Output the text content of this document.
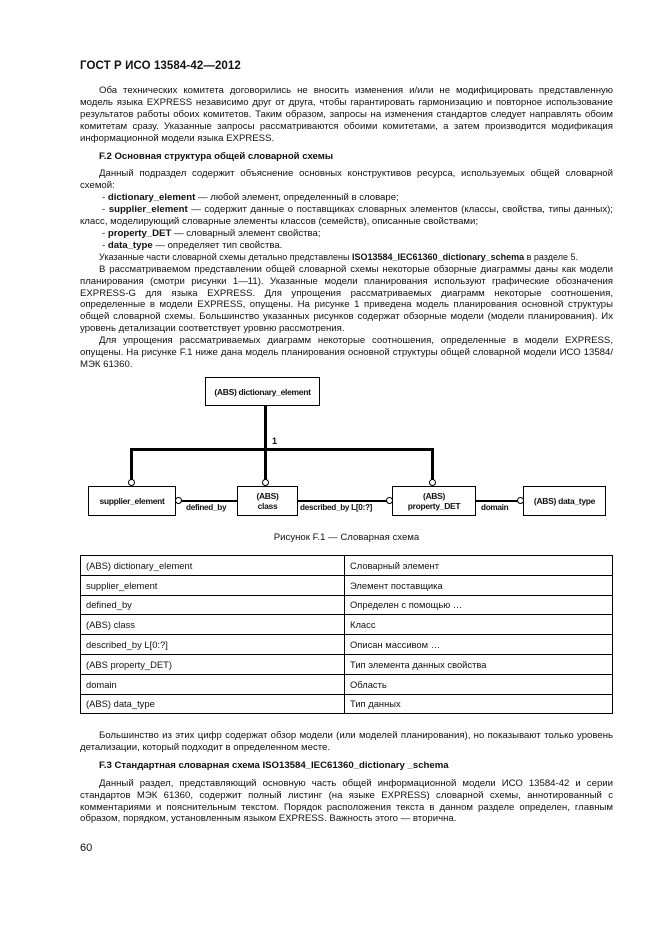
ГОСТ Р ИСО 13584-42—2012

Оба технических комитета договорились не вносить изменения и/или не модифицировать представленную модель языка EXPRESS независимо друг от друга, чтобы гарантировать гармонизацию и повторное использование результатов работы обоих комитетов. Таким образом, запросы на изменения стандартов следует направлять обоим комитетам сразу. Указанные запросы рассматриваются обоими комитетами, а затем производится модификация информационной модели языка EXPRESS.

F.2 Основная структура общей словарной схемы

Данный подраздел содержит объяснение основных конструктивов ресурса, используемых общей словарной схемой:

- dictionary_element — любой элемент, определенный в словаре;

- supplier_element — содержит данные о поставщиках словарных элементов (классы, свойства, типы данных); класс, моделирующий словарные элементы классов (семейств), описанные свойствами;

- property_DET — словарный элемент свойства;

- data_type — определяет тип свойства.

Указанные части словарной схемы детально представлены ISO13584_IEC61360_dictionary_schema в разделе 5.

В рассматриваемом представлении общей словарной схемы некоторые обзорные диаграммы даны как модели планирования (смотри рисунки 1—11). Указанные модели планирования используют графические обозначения EXPRESS-G для языка EXPRESS. Для упрощения рассматриваемых диаграмм некоторые соотношения, определенные в модели EXPRESS, опущены. На рисунке 1 приведена модель планирования основной структуры общей словарной схемы. Большинство указанных рисунков содержат обзорные модели (модели планирования). Их уровень детализации соответствует уровню рассмотрения.

Для упрощения рассматриваемых диаграмм некоторые соотношения, определенные в модели EXPRESS, опущены. На рисунке F.1 ниже дана модель планирования основной структуры общей словарной модели ИСО 13584/МЭК 61360.

(ABS) dictionary_element
1
supplier_element	(ABS)
class
(ABS)
property_DET	(ABS) data_type
defined_by	described_by L[0:?]	domain
Рисунок F.1 — Словарная схема
(ABS) dictionary_element	Словарный элемент
supplier_element	Элемент поставщика
defined_by	Определен с помощью …
(ABS) class	Класс
described_by L[0:?]	Описан массивом …
(ABS property_DET)	Тип элемента данных свойства
domain	Область
(ABS) data_type	Тип данных

Большинство из этих цифр содержат обзор модели (или моделей планирования), но показывают только уровень детализации, который подходит в определенном месте.

F.3 Стандартная словарная схема ISO13584_IEC61360_dictionary _schema

Данный раздел, представляющий основную часть общей информационной модели ИСО 13584-42 и серии стандартов МЭК 61360, содержит полный листинг (на языке EXPRESS) словарной схемы, аннотированный с комментариями и пояснительным текстом. Порядок расположения текста в данном разделе определен, главным образом, порядком, установленным языком EXPRESS. Важность этого — вторична.

60
